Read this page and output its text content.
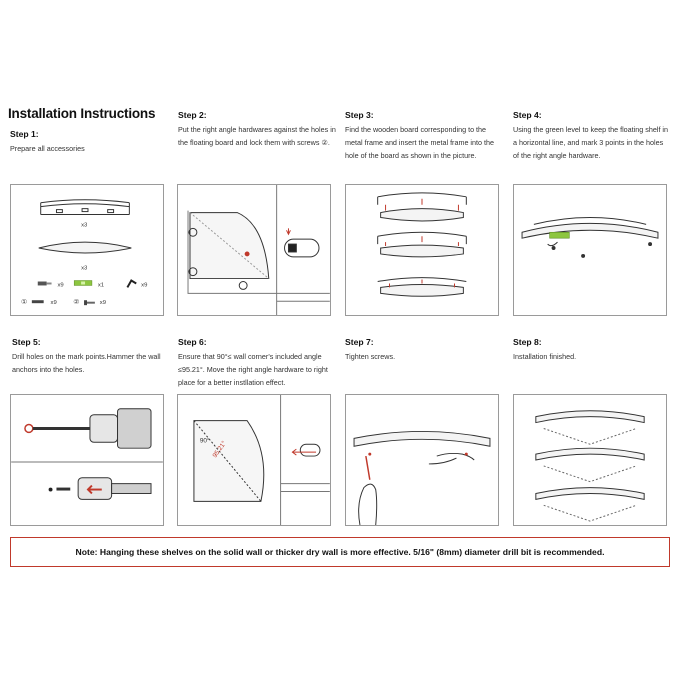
Installation Instructions
Step 1:
Prepare all accessories
Step 2:
Put the right angle hardwares against the holes in the floating board and lock them with screws ②.
Step 3:
Find the wooden board corresponding to the metal frame and insert the metal frame into the hole of the board as shown in the picture.
Step 4:
Using the green level to keep the floating shelf in a horizontal line, and mark 3 points in the holes of the right angle hardware.
Step 5:
Drill holes on the mark points.Hammer the wall anchors into the holes.
Step 6:
Ensure that 90°≤ wall corner's included angle ≤95.21°. Move the right angle hardware to right place for a better instllation effect.
Step 7:
Tighten screws.
Step 8:
Installation finished.
x3
x3
x9	x1	x9
①	x9 ②	x9
90° 95.21°
Note: Hanging these shelves on the solid wall or thicker dry wall is more effective. 5/16" (8mm) diameter drill bit is recommended.
